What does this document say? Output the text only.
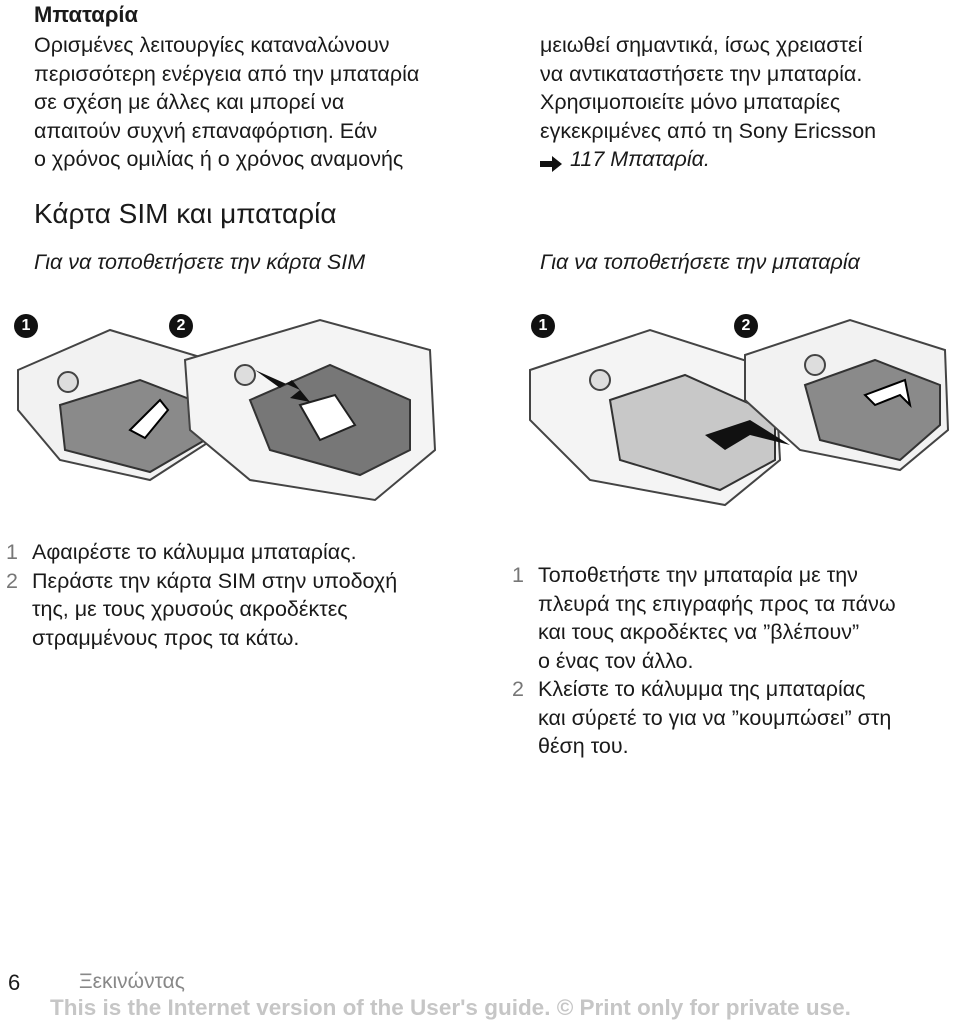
Μπαταρία
Ορισμένες λειτουργίες καταναλώνουν
περισσότερη ενέργεια από την μπαταρία
σε σχέση με άλλες και μπορεί να
απαιτούν συχνή επαναφόρτιση. Εάν
ο χρόνος ομιλίας ή ο χρόνος αναμονής
Κάρτα SIM και μπαταρία
Για να τοποθετήσετε την κάρτα SIM
1	2
1 Αφαιρέστε το κάλυμμα μπαταρίας.
2 Περάστε την κάρτα SIM στην υποδοχή
της, με τους χρυσούς ακροδέκτες
στραμμένους προς τα κάτω.
μειωθεί σημαντικά, ίσως χρειαστεί
να αντικαταστήσετε την μπαταρία.
Χρησιμοποιείτε μόνο μπαταρίες
εγκεκριμένες από τη Sony Ericsson
117 Μπαταρία.
Για να τοποθετήσετε την μπαταρία
1	2
1 Τοποθετήστε την μπαταρία με την
πλευρά της επιγραφής προς τα πάνω
και τους ακροδέκτες να ”βλέπουν”
ο ένας τον άλλο.
2 Κλείστε το κάλυμμα της μπαταρίας
και σύρετέ το για να ”κουμπώσει” στη
θέση του.
6	Ξεκινώντας
This is the Internet version of the User's guide. © Print only for private use.
